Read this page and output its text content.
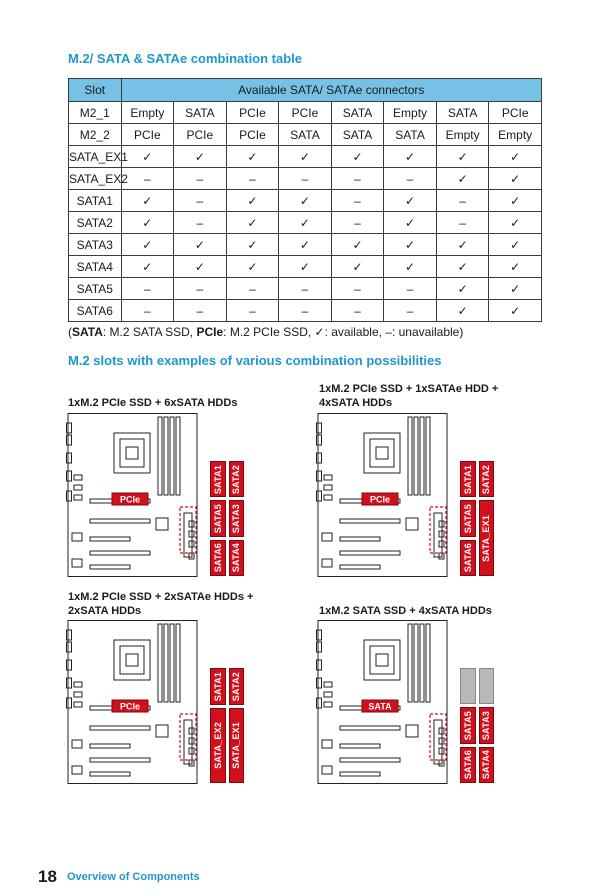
M.2/ SATA & SATAe combination table
Slot	Available SATA/ SATAe connectors							
M2_1	Empty	SATA	PCIe	PCIe	SATA	Empty	SATA	PCIe
M2_2	PCIe	PCIe	PCIe	SATA	SATA	SATA	Empty	Empty
SATA_EX1	✓	✓	✓	✓	✓	✓	✓	✓
SATA_EX2	–	–	–	–	–	–	✓	✓
SATA1	✓	–	✓	✓	–	✓	–	✓
SATA2	✓	–	✓	✓	–	✓	–	✓
SATA3	✓	✓	✓	✓	✓	✓	✓	✓
SATA4	✓	✓	✓	✓	✓	✓	✓	✓
SATA5	–	–	–	–	–	–	✓	✓
SATA6	–	–	–	–	–	–	✓	✓
(SATA: M.2 SATA SSD, PCIe: M.2 PCIe SSD, ✓: available, –: unavailable)
M.2 slots with examples of various combination possibilities
1xM.2 PCIe SSD + 6xSATA HDDs
1xM.2 PCIe SSD + 1xSATAe HDD + 4xSATA HDDs
1xM.2 PCIe SSD + 2xSATAe HDDs + 2xSATA HDDs	1xM.2 SATA SSD + 4xSATA HDDs
PCIe	PCIe
PCIe	SATA
SATA1 SATA2
SATA5 SATA3
SATA6 SATA4
SATA1 SATA2
SATA5 SATA_EX1
SATA6
SATA1 SATA2
SATA_EX2 SATA_EX1	SATA5 SATA3
SATA6 SATA4
18 Overview of Components
